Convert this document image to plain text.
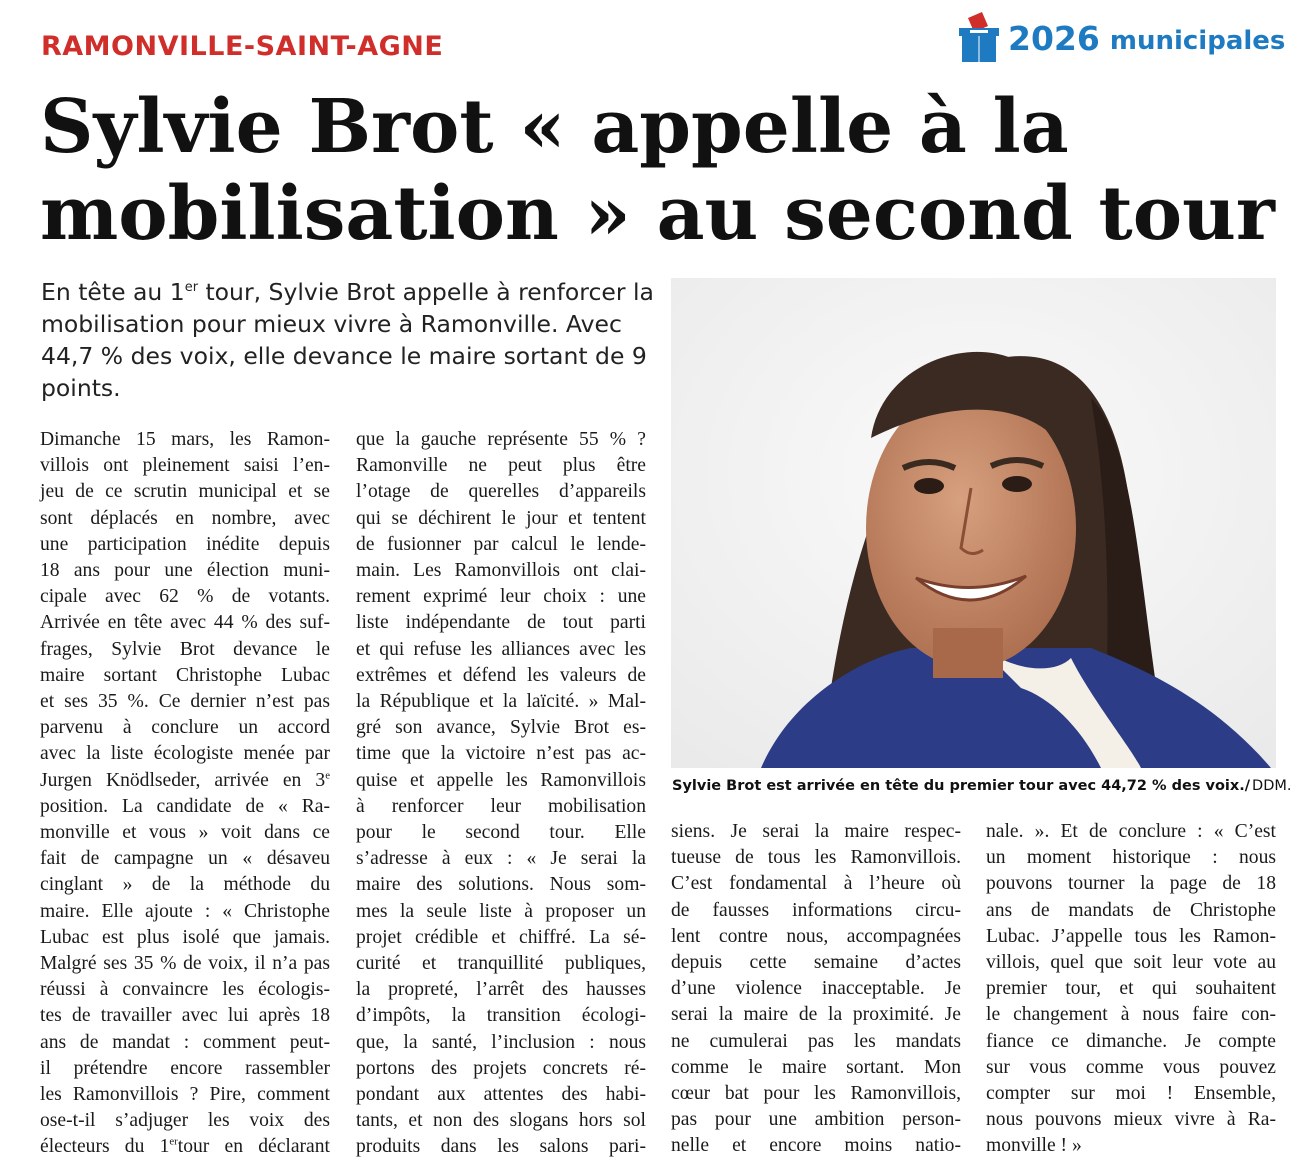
RAMONVILLE-SAINT-AGNE	2026 municipales
Sylvie Brot « appelle à la
mobilisation » au second tour
En tête au 1er tour, Sylvie Brot appelle à renforcer la
mobilisation pour mieux vivre à Ramonville. Avec
44,7 % des voix, elle devance le maire sortant de 9
points.
Dimanche 15 mars, les Ramon-
villois ont pleinement saisi l’en-
jeu de ce scrutin municipal et se
sont déplacés en nombre, avec
une participation inédite depuis
18 ans pour une élection muni-
cipale avec 62 % de votants.
Arrivée en tête avec 44 % des suf-
frages, Sylvie Brot devance le
maire sortant Christophe Lubac
et ses 35 %. Ce dernier n’est pas
parvenu à conclure un accord
avec la liste écologiste menée par
Jurgen Knödlseder, arrivée en 3e
position. La candidate de « Ra-
monville et vous » voit dans ce
fait de campagne un « désaveu
cinglant » de la méthode du
maire. Elle ajoute : « Christophe
Lubac est plus isolé que jamais.
Malgré ses 35 % de voix, il n’a pas
réussi à convaincre les écologis-
tes de travailler avec lui après 18
ans de mandat : comment peut-
il prétendre encore rassembler
les Ramonvillois ? Pire, comment
ose-t-il s’adjuger les voix des
électeurs du 1ertour en déclarant
que la gauche représente 55 % ?
Ramonville ne peut plus être
l’otage de querelles d’appareils
qui se déchirent le jour et tentent
de fusionner par calcul le lende-
main. Les Ramonvillois ont clai-
rement exprimé leur choix : une
liste indépendante de tout parti
et qui refuse les alliances avec les
extrêmes et défend les valeurs de
la République et la laïcité. » Mal-
gré son avance, Sylvie Brot es-
time que la victoire n’est pas ac-
quise et appelle les Ramonvillois
à renforcer leur mobilisation
pour le second tour. Elle
s’adresse à eux : « Je serai la
maire des solutions. Nous som-
mes la seule liste à proposer un
projet crédible et chiffré. La sé-
curité et tranquillité publiques,
la propreté, l’arrêt des hausses
d’impôts, la transition écologi-
que, la santé, l’inclusion : nous
portons des projets concrets ré-
pondant aux attentes des habi-
tants, et non des slogans hors sol
produits dans les salons pari-
Sylvie Brot est arrivée en tête du premier tour avec 44,72 % des voix./ DDM.
siens. Je serai la maire respec-
tueuse de tous les Ramonvillois.
C’est fondamental à l’heure où
de fausses informations circu-
lent contre nous, accompagnées
depuis cette semaine d’actes
d’une violence inacceptable. Je
serai la maire de la proximité. Je
ne cumulerai pas les mandats
comme le maire sortant. Mon
cœur bat pour les Ramonvillois,
pas pour une ambition person-
nelle et encore moins natio-
nale. ». Et de conclure : « C’est
un moment historique : nous
pouvons tourner la page de 18
ans de mandats de Christophe
Lubac. J’appelle tous les Ramon-
villois, quel que soit leur vote au
premier tour, et qui souhaitent
le changement à nous faire con-
fiance ce dimanche. Je compte
sur vous comme vous pouvez
compter sur moi ! Ensemble,
nous pouvons mieux vivre à Ra-
monville ! »
